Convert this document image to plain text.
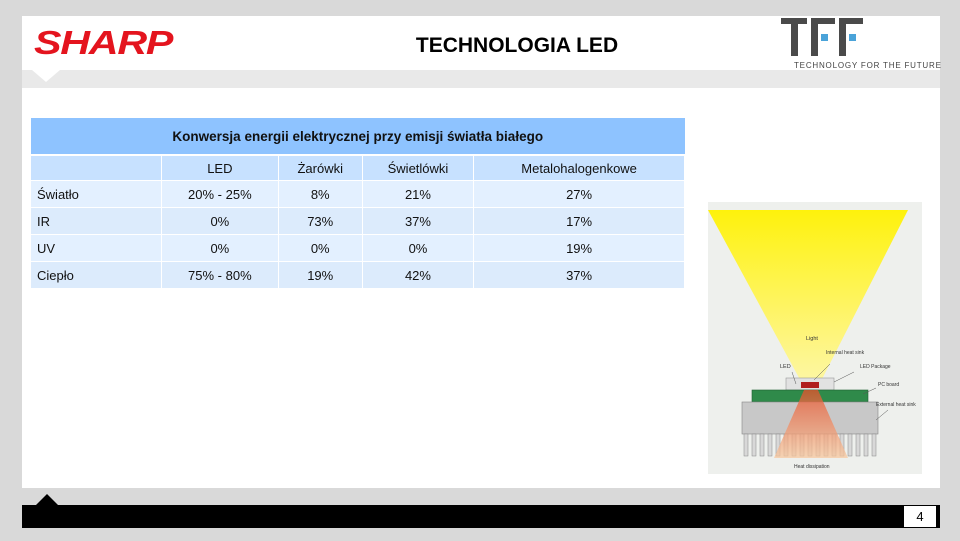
SHARP	TECHNOLOGIA LED
TECHNOLOGY FOR THE FUTURE
Konwersja energii elektrycznej przy emisji światła białego				
	LED	Żarówki	Świetlówki	Metalohalogenkowe
Światło	20% - 25%	8%	21%	27%
IR	0%	73%	37%	17%
UV	0%	0%	0%	19%
Ciepło	75% - 80%	19%	42%	37%
Light
Internal heat sink
LED	LED Package
PC board
External heat sink
Heat dissipation
4
